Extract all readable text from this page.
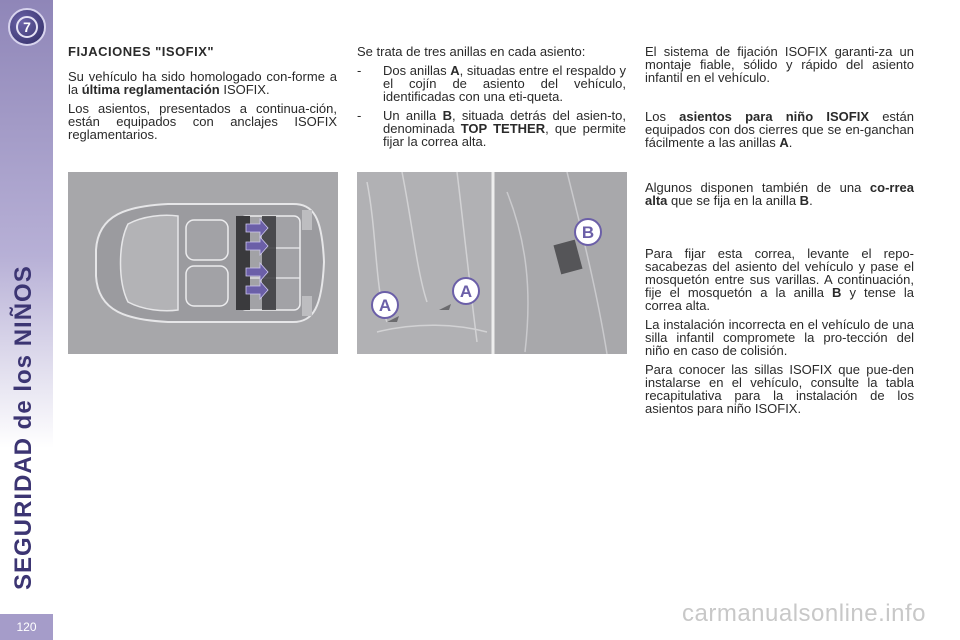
7
SEGURIDAD de los NIÑOS
120
FIJACIONES "ISOFIX"

Su vehículo ha sido homologado con-forme a la última reglamentación ISOFIX.

Los asientos, presentados a continua-ción, están equipados con anclajes ISOFIX reglamentarios.

Se trata de tres anillas en cada asiento:

-	Dos anillas A, situadas entre el respaldo y el cojín de asiento del vehículo, identificadas con una eti-queta.
-	Un anilla B, situada detrás del asien-to, denominada TOP TETHER, que permite fijar la correa alta.
A
A
B

El sistema de fijación ISOFIX garanti-za un montaje fiable, sólido y rápido del asiento infantil en el vehículo.

Los asientos para niño ISOFIX están equipados con dos cierres que se en-ganchan fácilmente a las anillas A.

Algunos disponen también de una co-rrea alta que se fija en la anilla B.

Para fijar esta correa, levante el repo-sacabezas del asiento del vehículo y pase el mosquetón entre sus varillas. A continuación, fije el mosquetón a la anilla B y tense la correa alta.

La instalación incorrecta en el vehículo de una silla infantil compromete la pro-tección del niño en caso de colisión.

Para conocer las sillas ISOFIX que pue-den instalarse en el vehículo, consulte la tabla recapitulativa para la instalación de los asientos para niño ISOFIX.

carmanualsonline.info
